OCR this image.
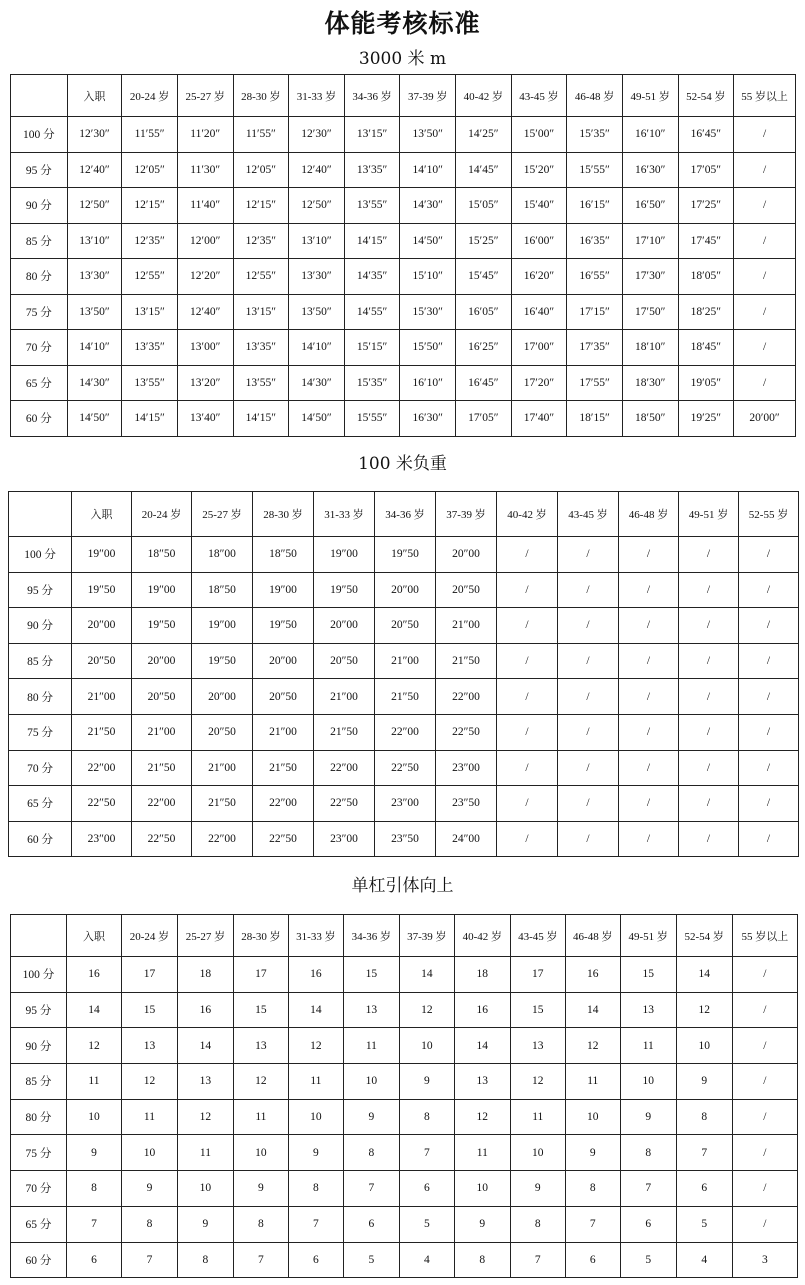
体能考核标准
3000 米 m
	入职	20-24 岁	25-27 岁	28-30 岁	31-33 岁	34-36 岁	37-39 岁	40-42 岁	43-45 岁	46-48 岁	49-51 岁	52-54 岁	55 岁以上
100 分	12′30″	11′55″	11′20″	11′55″	12′30″	13′15″	13′50″	14′25″	15′00″	15′35″	16′10″	16′45″	/
95 分	12′40″	12′05″	11′30″	12′05″	12′40″	13′35″	14′10″	14′45″	15′20″	15′55″	16′30″	17′05″	/
90 分	12′50″	12′15″	11′40″	12′15″	12′50″	13′55″	14′30″	15′05″	15′40″	16′15″	16′50″	17′25″	/
85 分	13′10″	12′35″	12′00″	12′35″	13′10″	14′15″	14′50″	15′25″	16′00″	16′35″	17′10″	17′45″	/
80 分	13′30″	12′55″	12′20″	12′55″	13′30″	14′35″	15′10″	15′45″	16′20″	16′55″	17′30″	18′05″	/
75 分	13′50″	13′15″	12′40″	13′15″	13′50″	14′55″	15′30″	16′05″	16′40″	17′15″	17′50″	18′25″	/
70 分	14′10″	13′35″	13′00″	13′35″	14′10″	15′15″	15′50″	16′25″	17′00″	17′35″	18′10″	18′45″	/
65 分	14′30″	13′55″	13′20″	13′55″	14′30″	15′35″	16′10″	16′45″	17′20″	17′55″	18′30″	19′05″	/
60 分	14′50″	14′15″	13′40″	14′15″	14′50″	15′55″	16′30″	17′05″	17′40″	18′15″	18′50″	19′25″	20′00″
100 米负重
	入职	20-24 岁	25-27 岁	28-30 岁	31-33 岁	34-36 岁	37-39 岁	40-42 岁	43-45 岁	46-48 岁	49-51 岁	52-55 岁
100 分	19″00	18″50	18″00	18″50	19″00	19″50	20″00	/	/	/	/	/
95 分	19″50	19″00	18″50	19″00	19″50	20″00	20″50	/	/	/	/	/
90 分	20″00	19″50	19″00	19″50	20″00	20″50	21″00	/	/	/	/	/
85 分	20″50	20″00	19″50	20″00	20″50	21″00	21″50	/	/	/	/	/
80 分	21″00	20″50	20″00	20″50	21″00	21″50	22″00	/	/	/	/	/
75 分	21″50	21″00	20″50	21″00	21″50	22″00	22″50	/	/	/	/	/
70 分	22″00	21″50	21″00	21″50	22″00	22″50	23″00	/	/	/	/	/
65 分	22″50	22″00	21″50	22″00	22″50	23″00	23″50	/	/	/	/	/
60 分	23″00	22″50	22″00	22″50	23″00	23″50	24″00	/	/	/	/	/
单杠引体向上
	入职	20-24 岁	25-27 岁	28-30 岁	31-33 岁	34-36 岁	37-39 岁	40-42 岁	43-45 岁	46-48 岁	49-51 岁	52-54 岁	55 岁以上
100 分	16	17	18	17	16	15	14	18	17	16	15	14	/
95 分	14	15	16	15	14	13	12	16	15	14	13	12	/
90 分	12	13	14	13	12	11	10	14	13	12	11	10	/
85 分	11	12	13	12	11	10	9	13	12	11	10	9	/
80 分	10	11	12	11	10	9	8	12	11	10	9	8	/
75 分	9	10	11	10	9	8	7	11	10	9	8	7	/
70 分	8	9	10	9	8	7	6	10	9	8	7	6	/
65 分	7	8	9	8	7	6	5	9	8	7	6	5	/
60 分	6	7	8	7	6	5	4	8	7	6	5	4	3
